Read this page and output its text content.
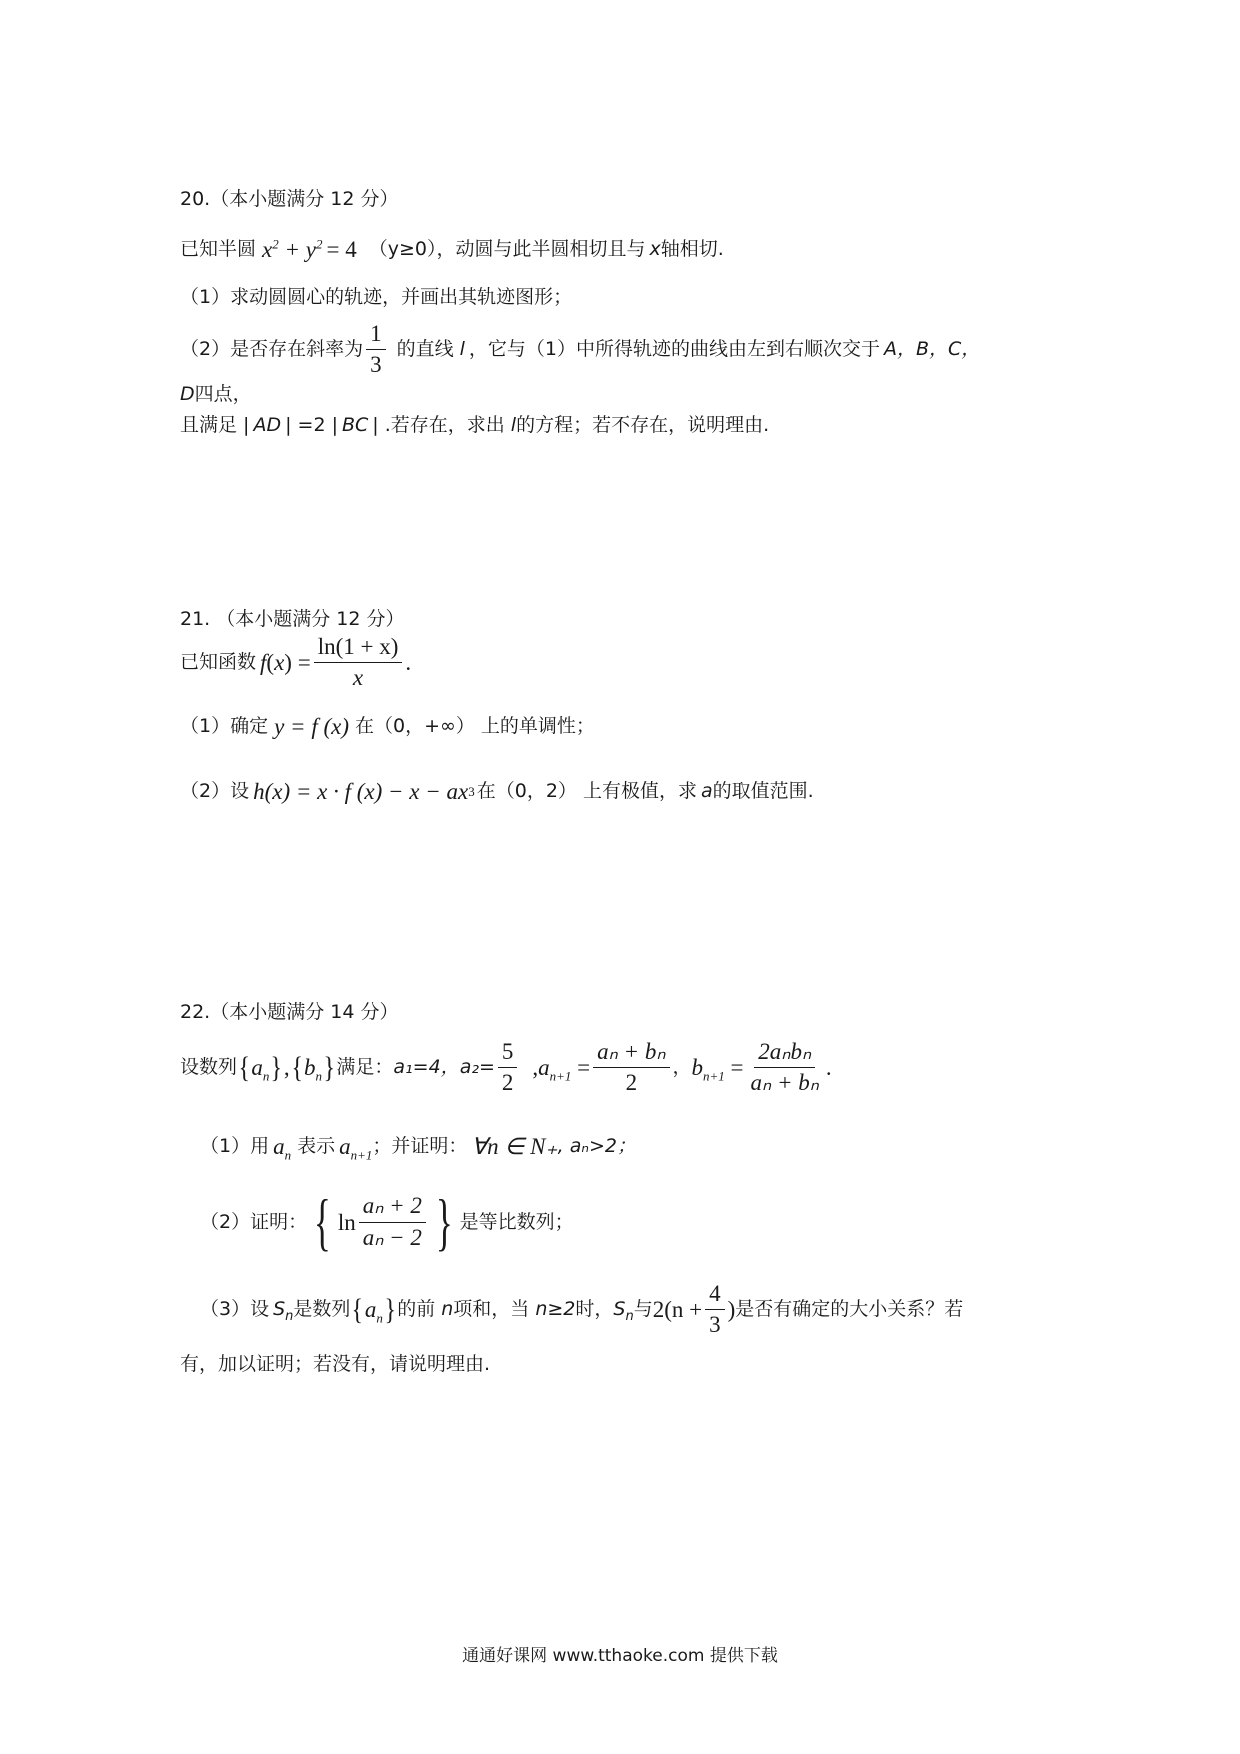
20.（本小题满分 12 分）
已知半圆 $x^2 + y^2 = 4$ （y≥0）， 动圆与此半圆相切且与 x 轴相切.
（1）求动圆圆心的轨迹，并画出其轨迹图形；
（2）是否存在斜率为 $\frac{1}{3}$ 的直线 l ，它与（1）中所得轨迹的曲线由左到右顺次交于 A，B，C，
D 四点，
且满足 | AD | =2 | BC | .若存在，求出 l 的方程；若不存在，说明理由.
21. （本小题满分 12 分）
已知函数 f $(x) = \frac{\ln(1 + x)}{x}$ .
（1）确定 y = f (x) 在（0，+∞） 上的单调性；
（2）设 h(x) = x · f (x) − x − ax 3 在（0，2） 上有极值，求 a 的取值范围.
22.（本小题满分 14 分）
设数列 { $a_n$ } , { $b_n$ } 满足： a₁=4， $a_2= \frac{5}{2}$ , $a_{n+1} = \frac{\text{aₙ + bₙ}}{2}$ ， $b_{n+1} = \frac{\text{2aₙbₙ}}{\text{aₙ + bₙ}}$ .
（1）用 $a_n$ 表示 $a_{n+1}$ ；并证明： ∀n ∈ N₊ , aₙ>2；
（2）证明： { $\ln \frac{\text{aₙ + 2}}{\text{aₙ − 2}}$ } 是等比数列；
（3）设 $S_n$ 是数列 { $a_n$ } 的前 n 项和，当 n≥2 时， $S_n$ 与 $2(n + \frac{4}{3}$ ) 是否有确定的大小关系？若
有，加以证明；若没有，请说明理由.
通通好课网 www.tthaoke.com 提供下载
